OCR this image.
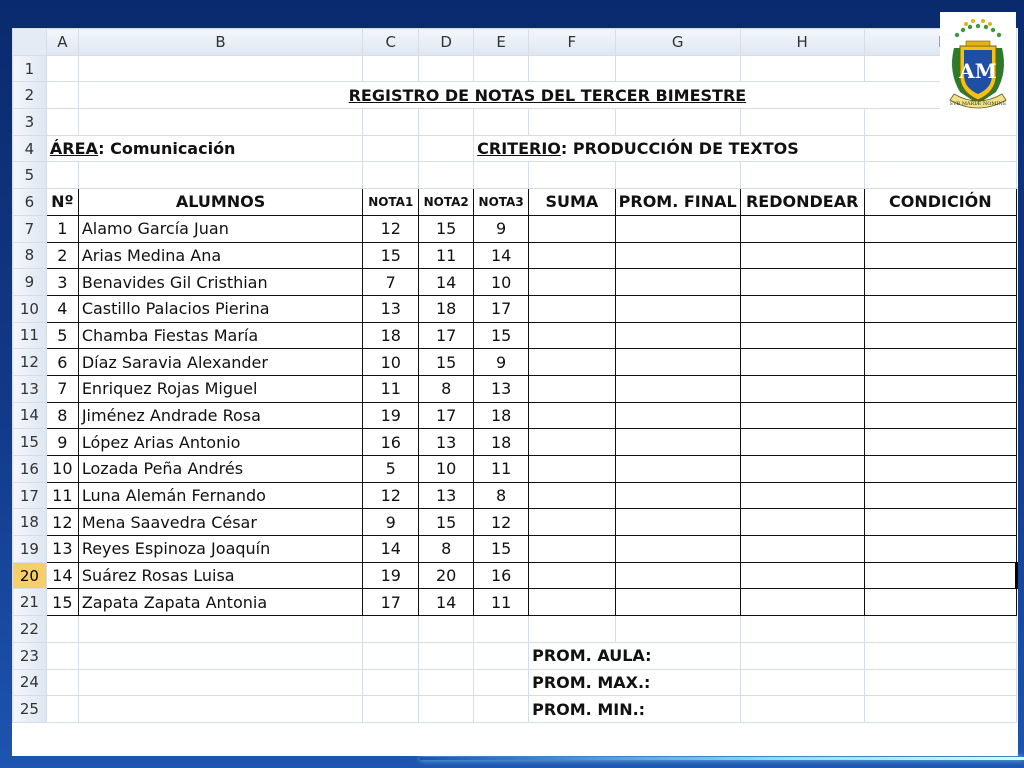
	A	B	C	D	E	F	G	H	
1									
2		REGISTRO DE NOTAS DEL TERCER BIMESTRE							
3									
4	ÁREA: Comunicación				CRITERIO: PRODUCCIÓN DE TEXTOS				
5									
6	Nº	ALUMNOS	NOTA1	NOTA2	NOTA3	SUMA	PROM. FINAL	REDONDEAR	CONDICIÓN
7	1	Alamo García Juan	12	15	9				
8	2	Arias Medina Ana	15	11	14				
9	3	Benavides Gil Cristhian	7	14	10				
10	4	Castillo Palacios Pierina	13	18	17				
11	5	Chamba Fiestas María	18	17	15				
12	6	Díaz Saravia Alexander	10	15	9				
13	7	Enriquez Rojas Miguel	11	8	13				
14	8	Jiménez Andrade Rosa	19	17	18				
15	9	López Arias Antonio	16	13	18				
16	10	Lozada Peña Andrés	5	10	11				
17	11	Luna Alemán Fernando	12	13	8				
18	12	Mena Saavedra César	9	15	12				
19	13	Reyes Espinoza Joaquín	14	8	15				
20	14	Suárez Rosas Luisa	19	20	16				
21	15	Zapata Zapata Antonia	17	14	11				
22									
23						PROM. AULA:			
24						PROM. MAX.:			
25						PROM. MIN.:			
AM
SVB MARIÆ NOMINE
